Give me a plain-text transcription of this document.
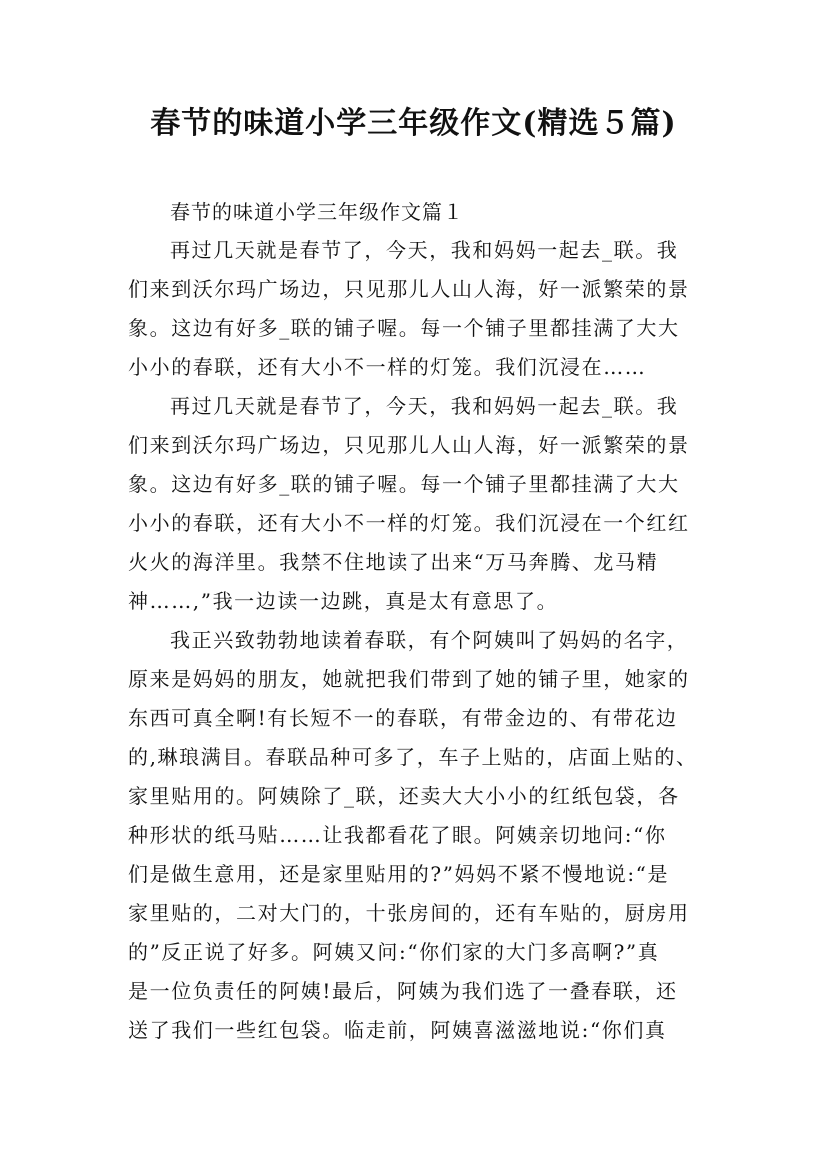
春节的味道小学三年级作文(精选５篇)

春节的味道小学三年级作文篇１

再过几天就是春节了，今天，我和妈妈一起去_联。我

们来到沃尔玛广场边，只见那儿人山人海，好一派繁荣的景

象。这边有好多_联的铺子喔。每一个铺子里都挂满了大大

小小的春联，还有大小不一样的灯笼。我们沉浸在……

再过几天就是春节了，今天，我和妈妈一起去_联。我

们来到沃尔玛广场边，只见那儿人山人海，好一派繁荣的景

象。这边有好多_联的铺子喔。每一个铺子里都挂满了大大

小小的春联，还有大小不一样的灯笼。我们沉浸在一个红红

火火的海洋里。我禁不住地读了出来“万马奔腾、龙马精

神……,”我一边读一边跳，真是太有意思了。

我正兴致勃勃地读着春联，有个阿姨叫了妈妈的名字，

原来是妈妈的朋友，她就把我们带到了她的铺子里，她家的

东西可真全啊!有长短不一的春联，有带金边的、有带花边

的,琳琅满目。春联品种可多了，车子上贴的，店面上贴的、

家里贴用的。阿姨除了_联，还卖大大小小的红纸包袋，各

种形状的纸马贴……让我都看花了眼。阿姨亲切地问:“你

们是做生意用，还是家里贴用的?”妈妈不紧不慢地说:“是

家里贴的，二对大门的，十张房间的，还有车贴的，厨房用

的”反正说了好多。阿姨又问:“你们家的大门多高啊?”真

是一位负责任的阿姨!最后，阿姨为我们选了一叠春联，还

送了我们一些红包袋。临走前，阿姨喜滋滋地说:“你们真
